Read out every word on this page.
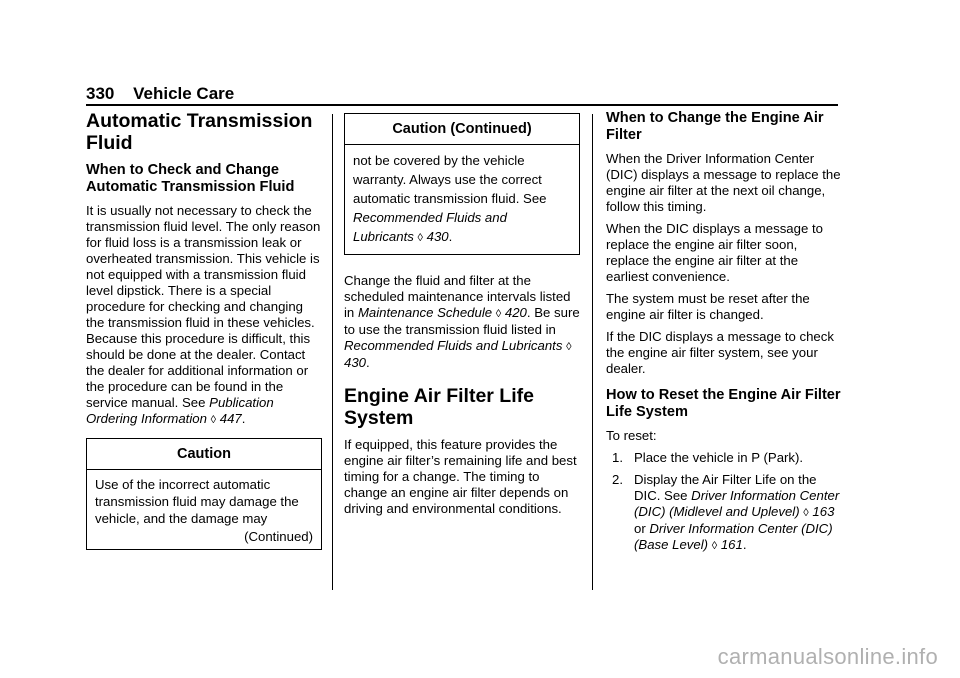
330 Vehicle Care
Automatic Transmission Fluid
When to Check and Change Automatic Transmission Fluid

It is usually not necessary to check the transmission fluid level. The only reason for fluid loss is a transmission leak or overheated transmission. This vehicle is not equipped with a transmission fluid level dipstick. There is a special procedure for checking and changing the transmission fluid in these vehicles. Because this procedure is difficult, this should be done at the dealer. Contact the dealer for additional information or the procedure can be found in the service manual. See Publication Ordering Information ◊ 447.

Caution
Use of the incorrect automatic transmission fluid may damage the vehicle, and the damage may
(Continued)
Caution (Continued)
not be covered by the vehicle warranty. Always use the correct automatic transmission fluid. See Recommended Fluids and Lubricants ◊ 430.

Change the fluid and filter at the scheduled maintenance intervals listed in Maintenance Schedule ◊ 420. Be sure to use the transmission fluid listed in Recommended Fluids and Lubricants ◊ 430.

Engine Air Filter Life System

If equipped, this feature provides the engine air filter’s remaining life and best timing for a change. The timing to change an engine air filter depends on driving and environmental conditions.

When to Change the Engine Air Filter

When the Driver Information Center (DIC) displays a message to replace the engine air filter at the next oil change, follow this timing.

When the DIC displays a message to replace the engine air filter soon, replace the engine air filter at the earliest convenience.

The system must be reset after the engine air filter is changed.

If the DIC displays a message to check the engine air filter system, see your dealer.

How to Reset the Engine Air Filter Life System

To reset:

1. Place the vehicle in P (Park).
2. Display the Air Filter Life on the DIC. See Driver Information Center (DIC) (Midlevel and Uplevel) ◊ 163 or Driver Information Center (DIC) (Base Level) ◊ 161.
carmanualsonline.info
